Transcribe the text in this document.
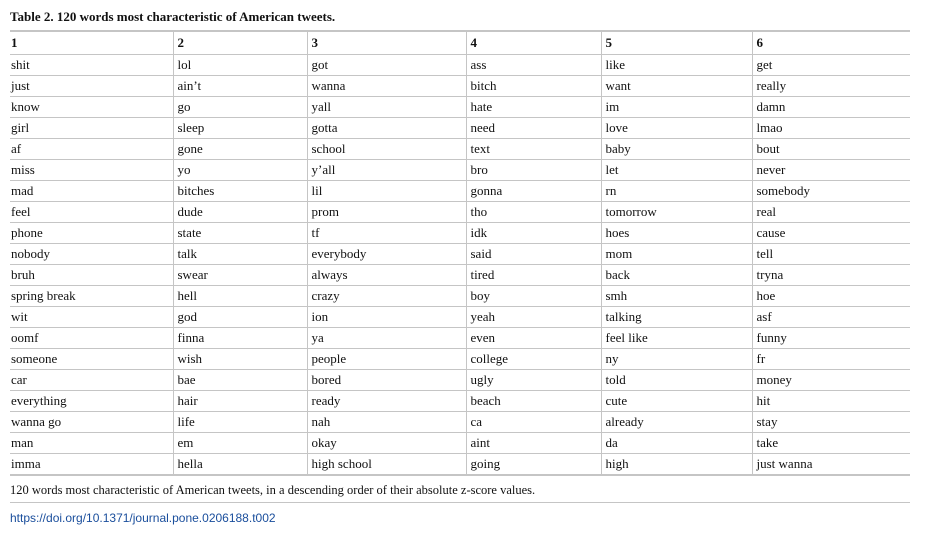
Table 2. 120 words most characteristic of American tweets.
1	2	3	4	5	6
shit	lol	got	ass	like	get
just	ain’t	wanna	bitch	want	really
know	go	yall	hate	im	damn
girl	sleep	gotta	need	love	lmao
af	gone	school	text	baby	bout
miss	yo	y’all	bro	let	never
mad	bitches	lil	gonna	rn	somebody
feel	dude	prom	tho	tomorrow	real
phone	state	tf	idk	hoes	cause
nobody	talk	everybody	said	mom	tell
bruh	swear	always	tired	back	tryna
spring break	hell	crazy	boy	smh	hoe
wit	god	ion	yeah	talking	asf
oomf	finna	ya	even	feel like	funny
someone	wish	people	college	ny	fr
car	bae	bored	ugly	told	money
everything	hair	ready	beach	cute	hit
wanna go	life	nah	ca	already	stay
man	em	okay	aint	da	take
imma	hella	high school	going	high	just wanna
120 words most characteristic of American tweets, in a descending order of their absolute z-score values.
https://doi.org/10.1371/journal.pone.0206188.t002
